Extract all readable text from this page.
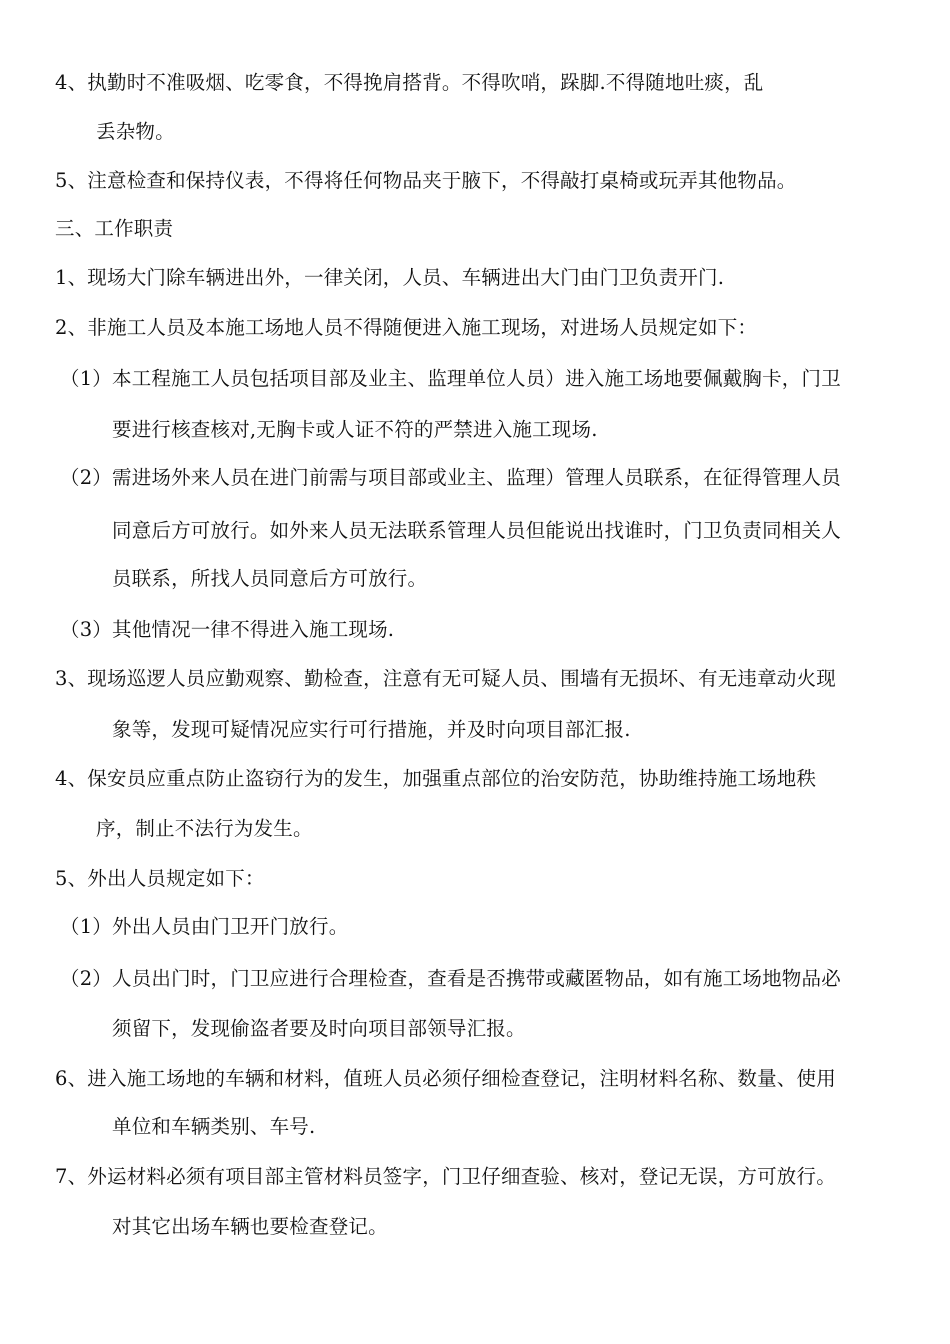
4、执勤时不准吸烟、吃零食，不得挽肩搭背。不得吹哨，跺脚.不得随地吐痰，乱
丢杂物。
5、注意检查和保持仪表，不得将任何物品夹于腋下，不得敲打桌椅或玩弄其他物品。
三、工作职责
1、现场大门除车辆进出外，一律关闭，人员、车辆进出大门由门卫负责开门.
2、非施工人员及本施工场地人员不得随便进入施工现场，对进场人员规定如下：
（1）本工程施工人员包括项目部及业主、监理单位人员）进入施工场地要佩戴胸卡，门卫
要进行核查核对,无胸卡或人证不符的严禁进入施工现场.
（2）需进场外来人员在进门前需与项目部或业主、监理）管理人员联系，在征得管理人员
同意后方可放行。如外来人员无法联系管理人员但能说出找谁时，门卫负责同相关人
员联系，所找人员同意后方可放行。
（3）其他情况一律不得进入施工现场.
3、现场巡逻人员应勤观察、勤检查，注意有无可疑人员、围墙有无损坏、有无违章动火现
象等，发现可疑情况应实行可行措施，并及时向项目部汇报.
4、保安员应重点防止盗窃行为的发生，加强重点部位的治安防范，协助维持施工场地秩
序，制止不法行为发生。
5、外出人员规定如下：
（1）外出人员由门卫开门放行。
（2）人员出门时，门卫应进行合理检查，查看是否携带或藏匿物品，如有施工场地物品必
须留下，发现偷盗者要及时向项目部领导汇报。
6、进入施工场地的车辆和材料，值班人员必须仔细检查登记，注明材料名称、数量、使用
单位和车辆类别、车号.
7、外运材料必须有项目部主管材料员签字，门卫仔细查验、核对，登记无误，方可放行。
对其它出场车辆也要检查登记。
